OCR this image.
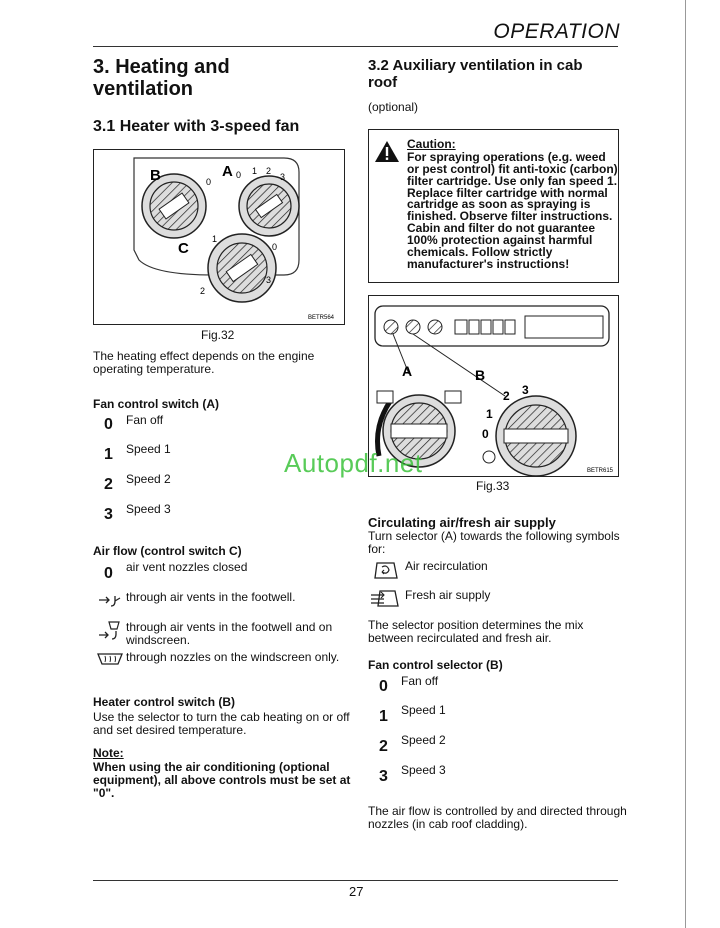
OPERATION
3. Heating and ventilation
3.1 Heater with 3-speed fan
B	A
C
0
0 1 2
3
1
0
3
2
BETR564
Fig.32
The heating effect depends on the engine operating temperature.
Fan control switch (A)
0 Fan off
1 Speed 1
2 Speed 2
3 Speed 3
Air flow (control switch C)
0 air vent nozzles closed
through air vents in the footwell.
through air vents in the footwell and on
windscreen.
through nozzles on the windscreen only.
Heater control switch (B)
Use the selector to turn the cab heating on or off
and set desired temperature.
Note:
When using the air conditioning (optional
equipment), all above controls must be set at
"0".
3.2 Auxiliary ventilation in cab
roof
(optional)
Caution:
For spraying operations (e.g. weed
or pest control) fit anti-toxic (carbon)
filter cartridge. Use only fan speed 1.
Replace filter cartridge with normal
cartridge as soon as spraying is
finished. Observe filter instructions.
Cabin and filter do not guarantee
100% protection against harmful
chemicals. Follow strictly
manufacturer's instructions!
A	B
0
1
2 3
BETR615
Fig.33
Circulating air/fresh air supply
Turn selector (A) towards the following symbols
for:
Air recirculation
Fresh air supply
The selector position determines the mix
between recirculated and fresh air.
Fan control selector (B)
0 Fan off
1 Speed 1
2 Speed 2
3 Speed 3
The air flow is controlled by and directed through
nozzles (in cab roof cladding).
Autopdf.net
27
